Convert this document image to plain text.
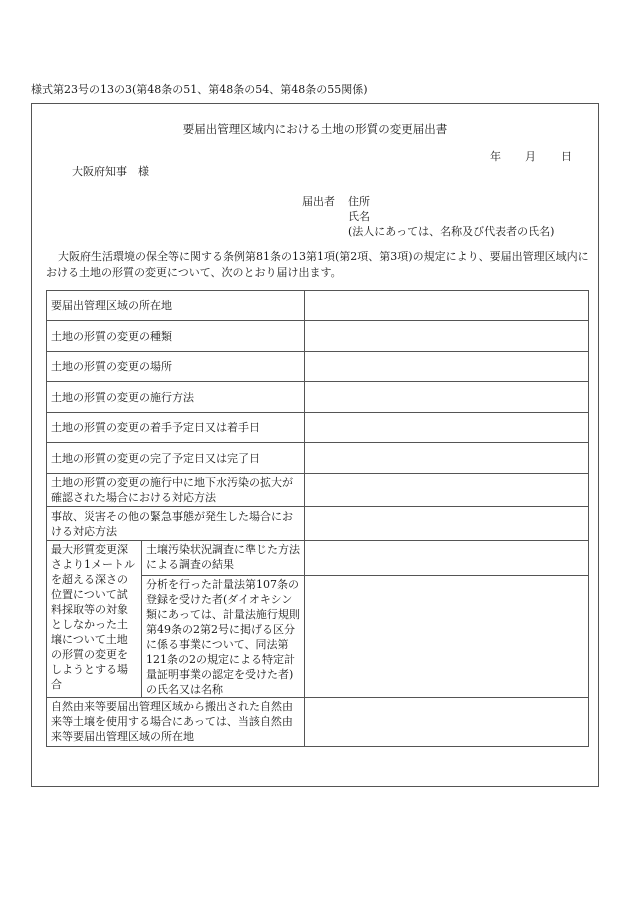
様式第23号の13の3(第48条の51、第48条の54、第48条の55関係)
要届出管理区域内における土地の形質の変更届出書
年 月 日
大阪府知事　様
届出者 住所
氏名
(法人にあっては、名称及び代表者の氏名)

大阪府生活環境の保全等に関する条例第81条の13第1項(第2項、第3項)の規定により、要届出管理区域内における土地の形質の変更について、次のとおり届け出ます。

要届出管理区域の所在地		
土地の形質の変更の種類		
土地の形質の変更の場所		
土地の形質の変更の施行方法		
土地の形質の変更の着手予定日又は着手日		
土地の形質の変更の完了予定日又は完了日		
土地の形質の変更の施行中に地下水汚染の拡大が確認された場合における対応方法		
事故、災害その他の緊急事態が発生した場合における対応方法		
最大形質変更深さより1メートルを超える深さの位置について試料採取等の対象としなかった土壌について土地の形質の変更をしようとする場合	土壌汚染状況調査に準じた方法による調査の結果	
	分析を行った計量法第107条の登録を受けた者(ダイオキシン類にあっては、計量法施行規則第49条の2第2号に掲げる区分に係る事業について、同法第121条の2の規定による特定計量証明事業の認定を受けた者)の氏名又は名称	
自然由来等要届出管理区域から搬出された自然由来等土壌を使用する場合にあっては、当該自然由来等要届出管理区域の所在地		
